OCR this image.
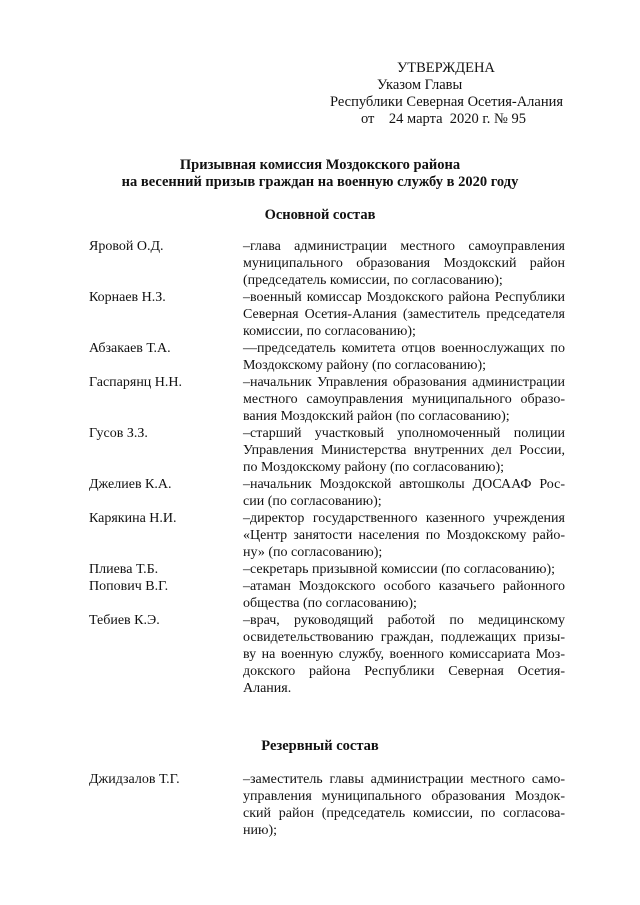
УТВЕРЖДЕНА
Указом Главы
Республики Северная Осетия-Алания
от    24 марта  2020 г. № 95
Призывная комиссия Моздокского района
на весенний призыв граждан на военную службу в 2020 году
Основной состав
Яровой О.Д.	–глава администрации местного самоуправления
муниципального образования Моздокский район
(председатель комиссии, по согласованию);
Корнаев Н.З.	–военный комиссар Моздокского района Республики
Северная Осетия-Алания (заместитель председателя
комиссии, по согласованию);
Абзакаев Т.А.	—председатель комитета отцов военнослужащих по
Моздокскому району (по согласованию);
Гаспарянц Н.Н.	–начальник Управления образования администрации
местного самоуправления муниципального образо-
вания Моздокский район (по согласованию);
Гусов З.З.	–старший участковый уполномоченный полиции
Управления Министерства внутренних дел России,
по Моздокскому району (по согласованию);
Джелиев К.А.	–начальник Моздокской автошколы ДОСААФ Рос-
сии (по согласованию);
Карякина Н.И.	–директор государственного казенного учреждения
«Центр занятости населения по Моздокскому райо-
ну» (по согласованию);
Плиева Т.Б.	–секретарь призывной комиссии (по согласованию);
Попович В.Г.	–атаман Моздокского особого казачьего районного
общества (по согласованию);
Тебиев К.Э.	–врач, руководящий работой по медицинскому
освидетельствованию граждан, подлежащих призы-
ву на военную службу, военного комиссариата Моз-
докского района Республики Северная Осетия-
Алания.
Резервный состав
Джидзалов Т.Г.	–заместитель главы администрации местного само-
управления муниципального образования Моздок-
ский район (председатель комиссии, по согласова-
нию);
